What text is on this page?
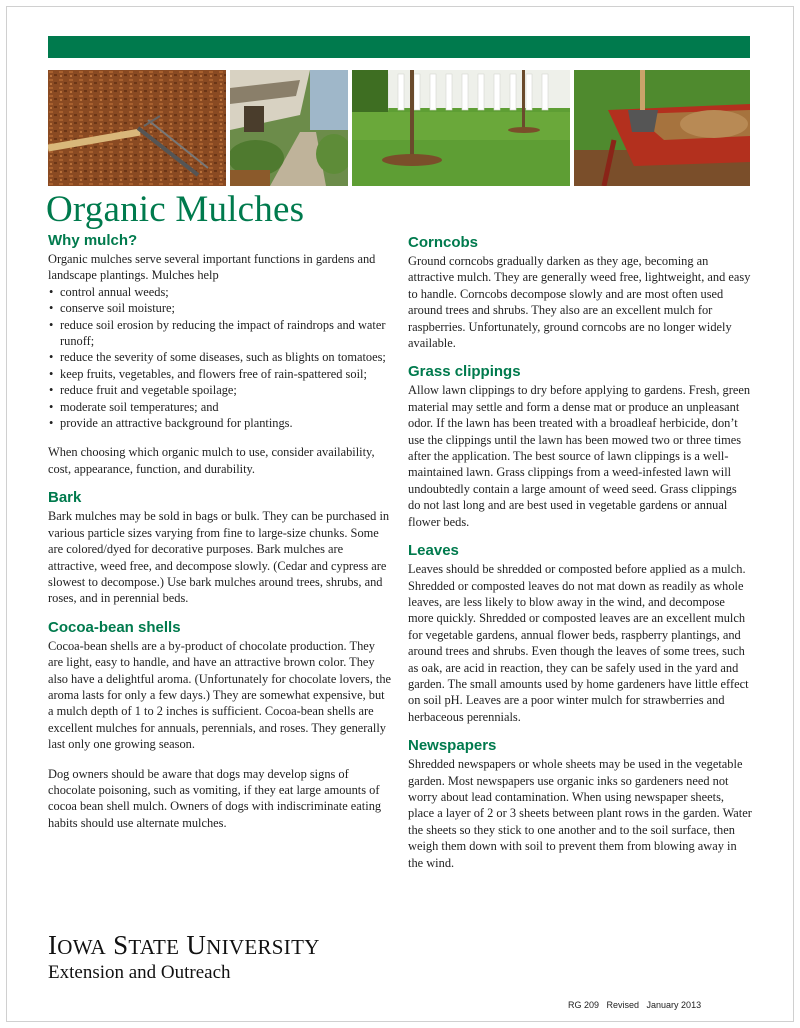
Organic Mulches
Why mulch?

Organic mulches serve several important functions in gardens and landscape plantings. Mulches help

• control annual weeds;
• conserve soil moisture;
• reduce soil erosion by reducing the impact of raindrops and water runoff;
• reduce the severity of some diseases, such as blights on tomatoes;
• keep fruits, vegetables, and flowers free of rain-spattered soil;
• reduce fruit and vegetable spoilage;
• moderate soil temperatures; and
• provide an attractive background for plantings.

When choosing which organic mulch to use, consider availability, cost, appearance, function, and durability.

Bark

Bark mulches may be sold in bags or bulk. They can be purchased in various particle sizes varying from fine to large-size chunks. Some are colored/dyed for decorative purposes. Bark mulches are attractive, weed free, and decompose slowly. (Cedar and cypress are slowest to decompose.) Use bark mulches around trees, shrubs, and roses, and in perennial beds.

Cocoa-bean shells

Cocoa-bean shells are a by-product of chocolate production. They are light, easy to handle, and have an attractive brown color. They also have a delightful aroma. (Unfortunately for chocolate lovers, the aroma lasts for only a few days.) They are somewhat expensive, but a mulch depth of 1 to 2 inches is sufficient. Cocoa-bean shells are excellent mulches for annuals, perennials, and roses. They generally last only one growing season.

Dog owners should be aware that dogs may develop signs of chocolate poisoning, such as vomiting, if they eat large amounts of cocoa bean shell mulch. Owners of dogs with indiscriminate eating habits should use alternate mulches.

Corncobs

Ground corncobs gradually darken as they age, becoming an attractive mulch. They are generally weed free, lightweight, and easy to handle. Corncobs decompose slowly and are most often used around trees and shrubs. They also are an excellent mulch for raspberries. Unfortunately, ground corncobs are no longer widely available.

Grass clippings

Allow lawn clippings to dry before applying to gardens. Fresh, green material may settle and form a dense mat or produce an unpleasant odor. If the lawn has been treated with a broadleaf herbicide, don’t use the clippings until the lawn has been mowed two or three times after the application. The best source of lawn clippings is a well-maintained lawn. Grass clippings from a weed-infested lawn will undoubtedly contain a large amount of weed seed. Grass clippings do not last long and are best used in vegetable gardens or annual flower beds.

Leaves

Leaves should be shredded or composted before applied as a mulch. Shredded or composted leaves do not mat down as readily as whole leaves, are less likely to blow away in the wind, and decompose more quickly. Shredded or composted leaves are an excellent mulch for vegetable gardens, annual flower beds, raspberry plantings, and around trees and shrubs. Even though the leaves of some trees, such as oak, are acid in reaction, they can be safely used in the yard and garden. The small amounts used by home gardeners have little effect on soil pH. Leaves are a poor winter mulch for strawberries and herbaceous perennials.

Newspapers

Shredded newspapers or whole sheets may be used in the vegetable garden. Most newspapers use organic inks so gardeners need not worry about lead contamination. When using newspaper sheets, place a layer of 2 or 3 sheets between plant rows in the garden. Water the sheets so they stick to one another and to the soil surface, then weigh them down with soil to prevent them from blowing away in the wind.

IOWA STATE UNIVERSITY
Extension and Outreach
RG 209   Revised   January 2013
